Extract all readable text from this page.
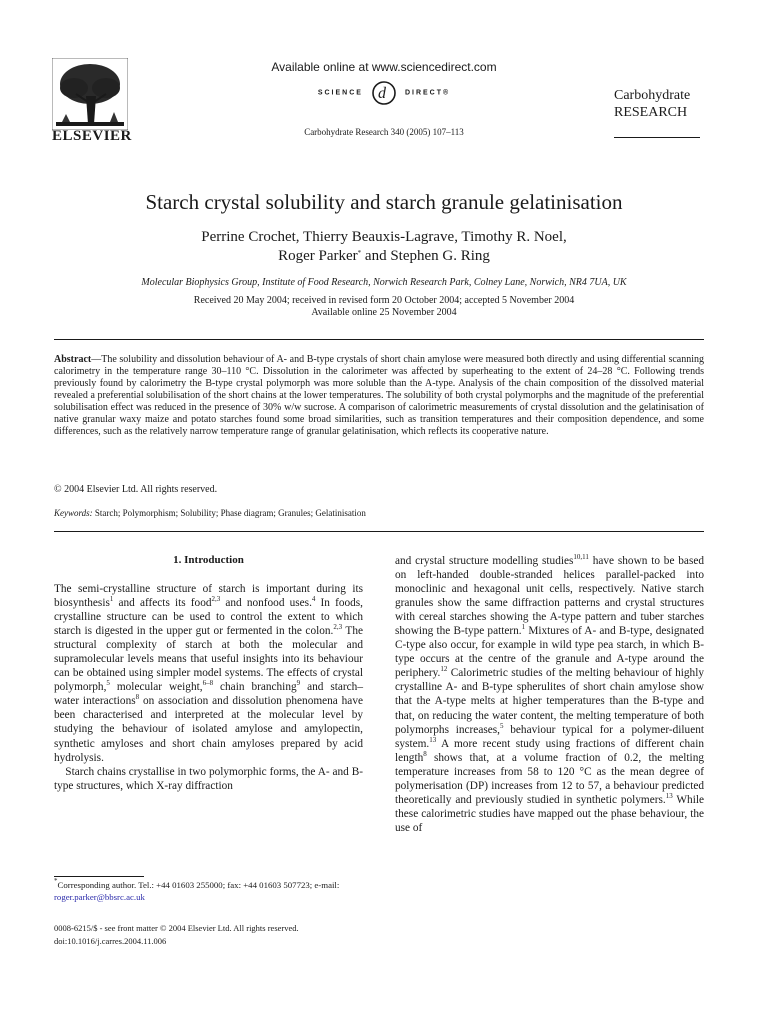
ELSEVIER
Available online at www.sciencedirect.com
SCIENCE d	DIRECT®
Carbohydrate Research 340 (2005) 107–113
Carbohydrate
RESEARCH
Starch crystal solubility and starch granule gelatinisation
Perrine Crochet, Thierry Beauxis-Lagrave, Timothy R. Noel,
Roger Parker* and Stephen G. Ring
Molecular Biophysics Group, Institute of Food Research, Norwich Research Park, Colney Lane, Norwich, NR4 7UA, UK
Received 20 May 2004; received in revised form 20 October 2004; accepted 5 November 2004
Available online 25 November 2004

Abstract—The solubility and dissolution behaviour of A- and B-type crystals of short chain amylose were measured both directly and using differential scanning calorimetry in the temperature range 30–110 °C. Dissolution in the calorimeter was affected by superheating to the extent of 24–28 °C. Following trends previously found by calorimetry the B-type crystal polymorph was more soluble than the A-type. Analysis of the chain composition of the dissolved material revealed a preferential solubilisation of the short chains at the lower temperatures. The solubility of both crystal polymorphs and the magnitude of the preferential solubilisation effect was reduced in the presence of 30% w/w sucrose. A comparison of calorimetric measurements of crystal dissolution and the gelatinisation of native granular waxy maize and potato starches found some broad similarities, such as transition temperatures and their composition dependence, and some differences, such as the relatively narrow temperature range of granular gelatinisation, which reflects its cooperative nature.

© 2004 Elsevier Ltd. All rights reserved.
Keywords: Starch; Polymorphism; Solubility; Phase diagram; Granules; Gelatinisation
1. Introduction

The semi-crystalline structure of starch is important during its biosynthesis$^1$ and affects its food$^{2,3}$ and nonfood uses.$^4$ In foods, crystalline structure can be used to control the extent to which starch is digested in the upper gut or fermented in the colon.$^{2,3}$ The structural complexity of starch at both the molecular and supramolecular levels means that useful insights into its behaviour can be obtained using simpler model systems. The effects of crystal polymorph,$^5$ molecular weight,$^{6-8}$ chain branching$^9$ and starch–water interactions$^8$ on association and dissolution phenomena have been characterised and interpreted at the molecular level by studying the behaviour of isolated amylose and amylopectin, synthetic amyloses and short chain amyloses prepared by acid hydrolysis.

Starch chains crystallise in two polymorphic forms, the A- and B-type structures, which X-ray diffraction

and crystal structure modelling studies$^{10,11}$ have shown to be based on left-handed double-stranded helices parallel-packed into monoclinic and hexagonal unit cells, respectively. Native starch granules show the same diffraction patterns and crystal structures with cereal starches showing the A-type pattern and tuber starches showing the B-type pattern.$^1$ Mixtures of A- and B-type, designated C-type also occur, for example in wild type pea starch, in which B-type occurs at the centre of the granule and A-type around the periphery.$^{12}$ Calorimetric studies of the melting behaviour of highly crystalline A- and B-type spherulites of short chain amylose show that the A-type melts at higher temperatures than the B-type and that, on reducing the water content, the melting temperature of both polymorphs increases,$^5$ behaviour typical for a polymer-diluent system.$^{13}$ A more recent study using fractions of different chain length$^8$ shows that, at a volume fraction of 0.2, the melting temperature increases from 58 to 120 °C as the mean degree of polymerisation (DP) increases from 12 to 57, a behaviour predicted theoretically and previously studied in synthetic polymers.$^{13}$ While these calorimetric studies have mapped out the phase behaviour, the use of

*Corresponding author. Tel.: +44 01603 255000; fax: +44 01603 507723; e-mail: roger.parker@bbsrc.ac.uk

0008-6215/$ - see front matter © 2004 Elsevier Ltd. All rights reserved.
doi:10.1016/j.carres.2004.11.006
